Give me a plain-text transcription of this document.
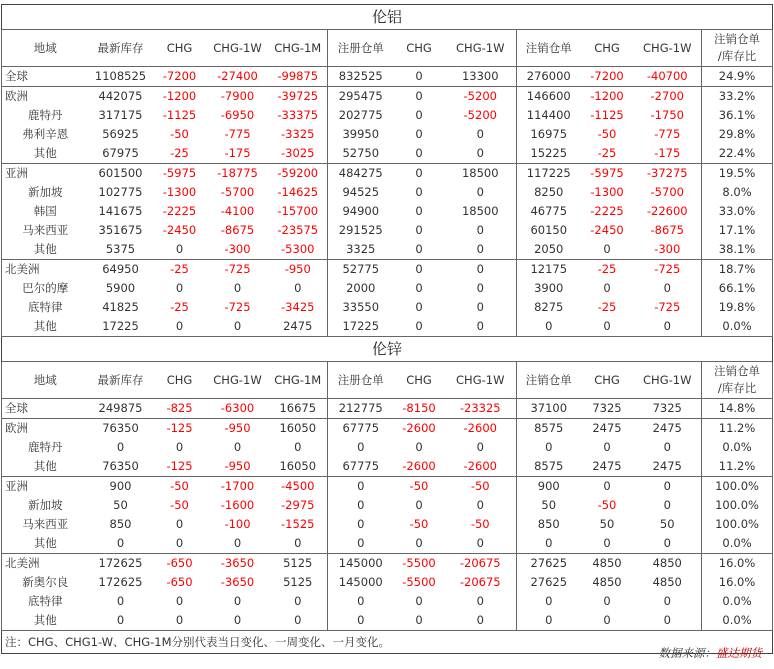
伦铝											
地域	最新库存	CHG	CHG-1W	CHG-1M	注册仓单	CHG	CHG-1W	注销仓单	CHG	CHG-1W	注销仓单
/库存比
全球	1108525	-7200	-27400	-99875	832525	0	13300	276000	-7200	-40700	24.9%
欧洲	442075	-1200	-7900	-39725	295475	0	-5200	146600	-1200	-2700	33.2%
鹿特丹	317175	-1125	-6950	-33375	202775	0	-5200	114400	-1125	-1750	36.1%
弗利辛恩	56925	-50	-775	-3325	39950	0	0	16975	-50	-775	29.8%
其他	67975	-25	-175	-3025	52750	0	0	15225	-25	-175	22.4%
亚洲	601500	-5975	-18775	-59200	484275	0	18500	117225	-5975	-37275	19.5%
新加坡	102775	-1300	-5700	-14625	94525	0	0	8250	-1300	-5700	8.0%
韩国	141675	-2225	-4100	-15700	94900	0	18500	46775	-2225	-22600	33.0%
马来西亚	351675	-2450	-8675	-23575	291525	0	0	60150	-2450	-8675	17.1%
其他	5375	0	-300	-5300	3325	0	0	2050	0	-300	38.1%
北美洲	64950	-25	-725	-950	52775	0	0	12175	-25	-725	18.7%
巴尔的摩	5900	0	0	0	2000	0	0	3900	0	0	66.1%
底特律	41825	-25	-725	-3425	33550	0	0	8275	-25	-725	19.8%
其他	17225	0	0	2475	17225	0	0	0	0	0	0.0%
伦锌											
地域	最新库存	CHG	CHG-1W	CHG-1M	注册仓单	CHG	CHG-1W	注销仓单	CHG	CHG-1W	注销仓单
/库存比
全球	249875	-825	-6300	16675	212775	-8150	-23325	37100	7325	7325	14.8%
欧洲	76350	-125	-950	16050	67775	-2600	-2600	8575	2475	2475	11.2%
鹿特丹	0	0	0	0	0	0	0	0	0	0	0.0%
其他	76350	-125	-950	16050	67775	-2600	-2600	8575	2475	2475	11.2%
亚洲	900	-50	-1700	-4500	0	-50	-50	900	0	0	100.0%
新加坡	50	-50	-1600	-2975	0	0	0	50	-50	0	100.0%
马来西亚	850	0	-100	-1525	0	-50	-50	850	50	50	100.0%
其他	0	0	0	0	0	0	0	0	0	0	0.0%
北美洲	172625	-650	-3650	5125	145000	-5500	-20675	27625	4850	4850	16.0%
新奥尔良	172625	-650	-3650	5125	145000	-5500	-20675	27625	4850	4850	16.0%
底特律	0	0	0	0	0	0	0	0	0	0	0.0%
其他	0	0	0	0	0	0	0	0	0	0	0.0%
注：CHG、CHG1-W、CHG-1M分别代表当日变化、一周变化、一月变化。											
数据来源：盛达期货
